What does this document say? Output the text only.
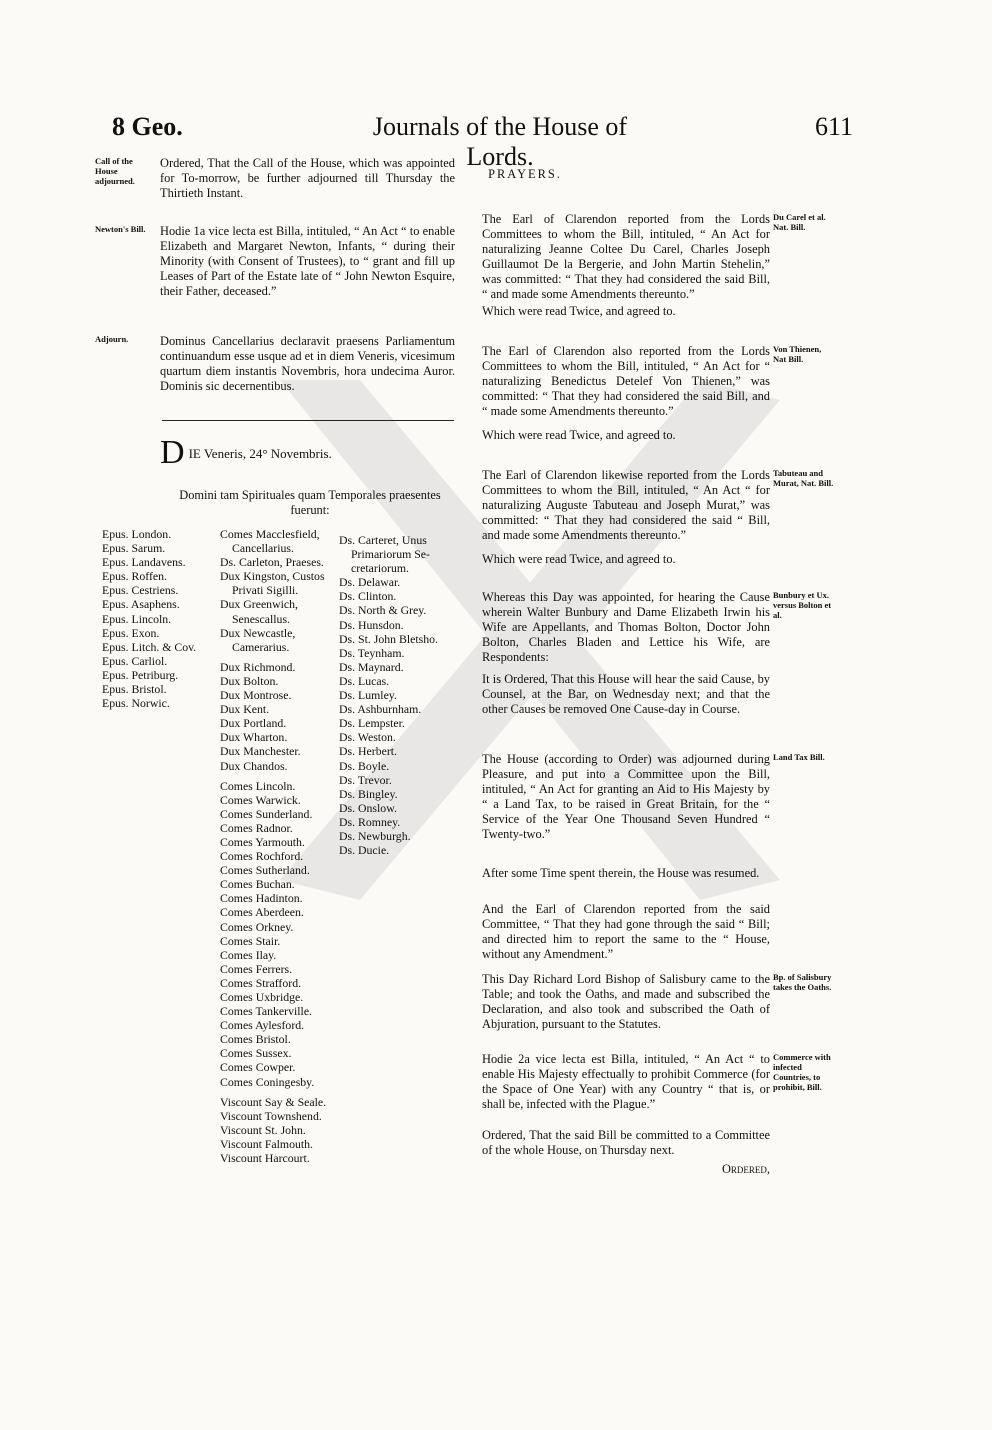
8 Geo.	Journals of the House of Lords.
611
Call of the House adjourned.
Ordered, That the Call of the House, which was appointed for To-morrow, be further adjourned till Thursday the Thirtieth Instant.
Newton's Bill. Hodie 1a vice lecta est Billa, intituled, “ An Act “ to enable Elizabeth and Margaret Newton, Infants, “ during their Minority (with Consent of Trustees), to “ grant and fill up Leases of Part of the Estate late of “ John Newton Esquire, their Father, deceased.”
Adjourn.	Dominus Cancellarius declaravit praesens Parliamentum continuandum esse usque ad et in diem Veneris, vicesimum quartum diem instantis Novembris, hora undecima Auror. Dominis sic decernentibus.
D IE Veneris, 24° Novembris.
Domini tam Spirituales quam Temporales praesentes fuerunt:
Epus. London.
Epus. Sarum.
Epus. Landavens.
Epus. Roffen.
Epus. Cestriens.
Epus. Asaphens.
Epus. Lincoln.
Epus. Exon.
Epus. Litch. & Cov.
Epus. Carliol.
Epus. Petriburg.
Epus. Bristol.
Epus. Norwic.
Comes Macclesfield,
Cancellarius.
Ds. Carleton, Praeses.
Dux Kingston, Custos
Privati Sigilli.
Dux Greenwich,
Senescallus.
Dux Newcastle,
Camerarius.
Dux Richmond.
Dux Bolton.
Dux Montrose.
Dux Kent.
Dux Portland.
Dux Wharton.
Dux Manchester.
Dux Chandos.
Comes Lincoln.
Comes Warwick.
Comes Sunderland.
Comes Radnor.
Comes Yarmouth.
Comes Rochford.
Comes Sutherland.
Comes Buchan.
Comes Hadinton.
Comes Aberdeen.
Comes Orkney.
Comes Stair.
Comes Ilay.
Comes Ferrers.
Comes Strafford.
Comes Uxbridge.
Comes Tankerville.
Comes Aylesford.
Comes Bristol.
Comes Sussex.
Comes Cowper.
Comes Coningesby.
Viscount Say & Seale.
Viscount Townshend.
Viscount St. John.
Viscount Falmouth.
Viscount Harcourt.
Ds. Carteret, Unus
Primariorum Se-
cretariorum.
Ds. Delawar.
Ds. Clinton.
Ds. North & Grey.
Ds. Hunsdon.
Ds. St. John Bletsho.
Ds. Teynham.
Ds. Maynard.
Ds. Lucas.
Ds. Lumley.
Ds. Ashburnham.
Ds. Lempster.
Ds. Weston.
Ds. Herbert.
Ds. Boyle.
Ds. Trevor.
Ds. Bingley.
Ds. Onslow.
Ds. Romney.
Ds. Newburgh.
Ds. Ducie.
PRAYERS.
The Earl of Clarendon reported from the Lords Committees to whom the Bill, intituled, “ An Act for naturalizing Jeanne Coltee Du Carel, Charles Joseph Guillaumot De la Bergerie, and John Martin Stehelin,” was committed: “ That they had considered the said Bill, “ and made some Amendments thereunto.”
Du Carel et al. Nat. Bill.
Which were read Twice, and agreed to.
The Earl of Clarendon also reported from the Lords Committees to whom the Bill, intituled, “ An Act for “ naturalizing Benedictus Detelef Von Thienen,” was committed: “ That they had considered the said Bill, and “ made some Amendments thereunto.”
Von Thienen, Nat Bill.
Which were read Twice, and agreed to.
The Earl of Clarendon likewise reported from the Lords Committees to whom the Bill, intituled, “ An Act “ for naturalizing Auguste Tabuteau and Joseph Murat,” was committed: “ That they had considered the said “ Bill, and made some Amendments thereunto.”
Tabuteau and Murat, Nat. Bill.
Which were read Twice, and agreed to.
Whereas this Day was appointed, for hearing the Cause wherein Walter Bunbury and Dame Elizabeth Irwin his Wife are Appellants, and Thomas Bolton, Doctor John Bolton, Charles Bladen and Lettice his Wife, are Respondents:
Bunbury et Ux. versus Bolton et al.
It is Ordered, That this House will hear the said Cause, by Counsel, at the Bar, on Wednesday next; and that the other Causes be removed One Cause-day in Course.
The House (according to Order) was adjourned during Pleasure, and put into a Committee upon the Bill, intituled, “ An Act for granting an Aid to His Majesty by “ a Land Tax, to be raised in Great Britain, for the “ Service of the Year One Thousand Seven Hundred “ Twenty-two.”
Land Tax Bill.
After some Time spent therein, the House was resumed.
And the Earl of Clarendon reported from the said Committee, “ That they had gone through the said “ Bill; and directed him to report the same to the “ House, without any Amendment.”
This Day Richard Lord Bishop of Salisbury came to the Table; and took the Oaths, and made and subscribed the Declaration, and also took and subscribed the Oath of Abjuration, pursuant to the Statutes.
Bp. of Salisbury takes the Oaths.
Hodie 2a vice lecta est Billa, intituled, “ An Act “ to enable His Majesty effectually to prohibit Commerce (for the Space of One Year) with any Country “ that is, or shall be, infected with the Plague.”
Commerce with infected Countries, to prohibit, Bill.
Ordered, That the said Bill be committed to a Committee of the whole House, on Thursday next.
Ordered,
